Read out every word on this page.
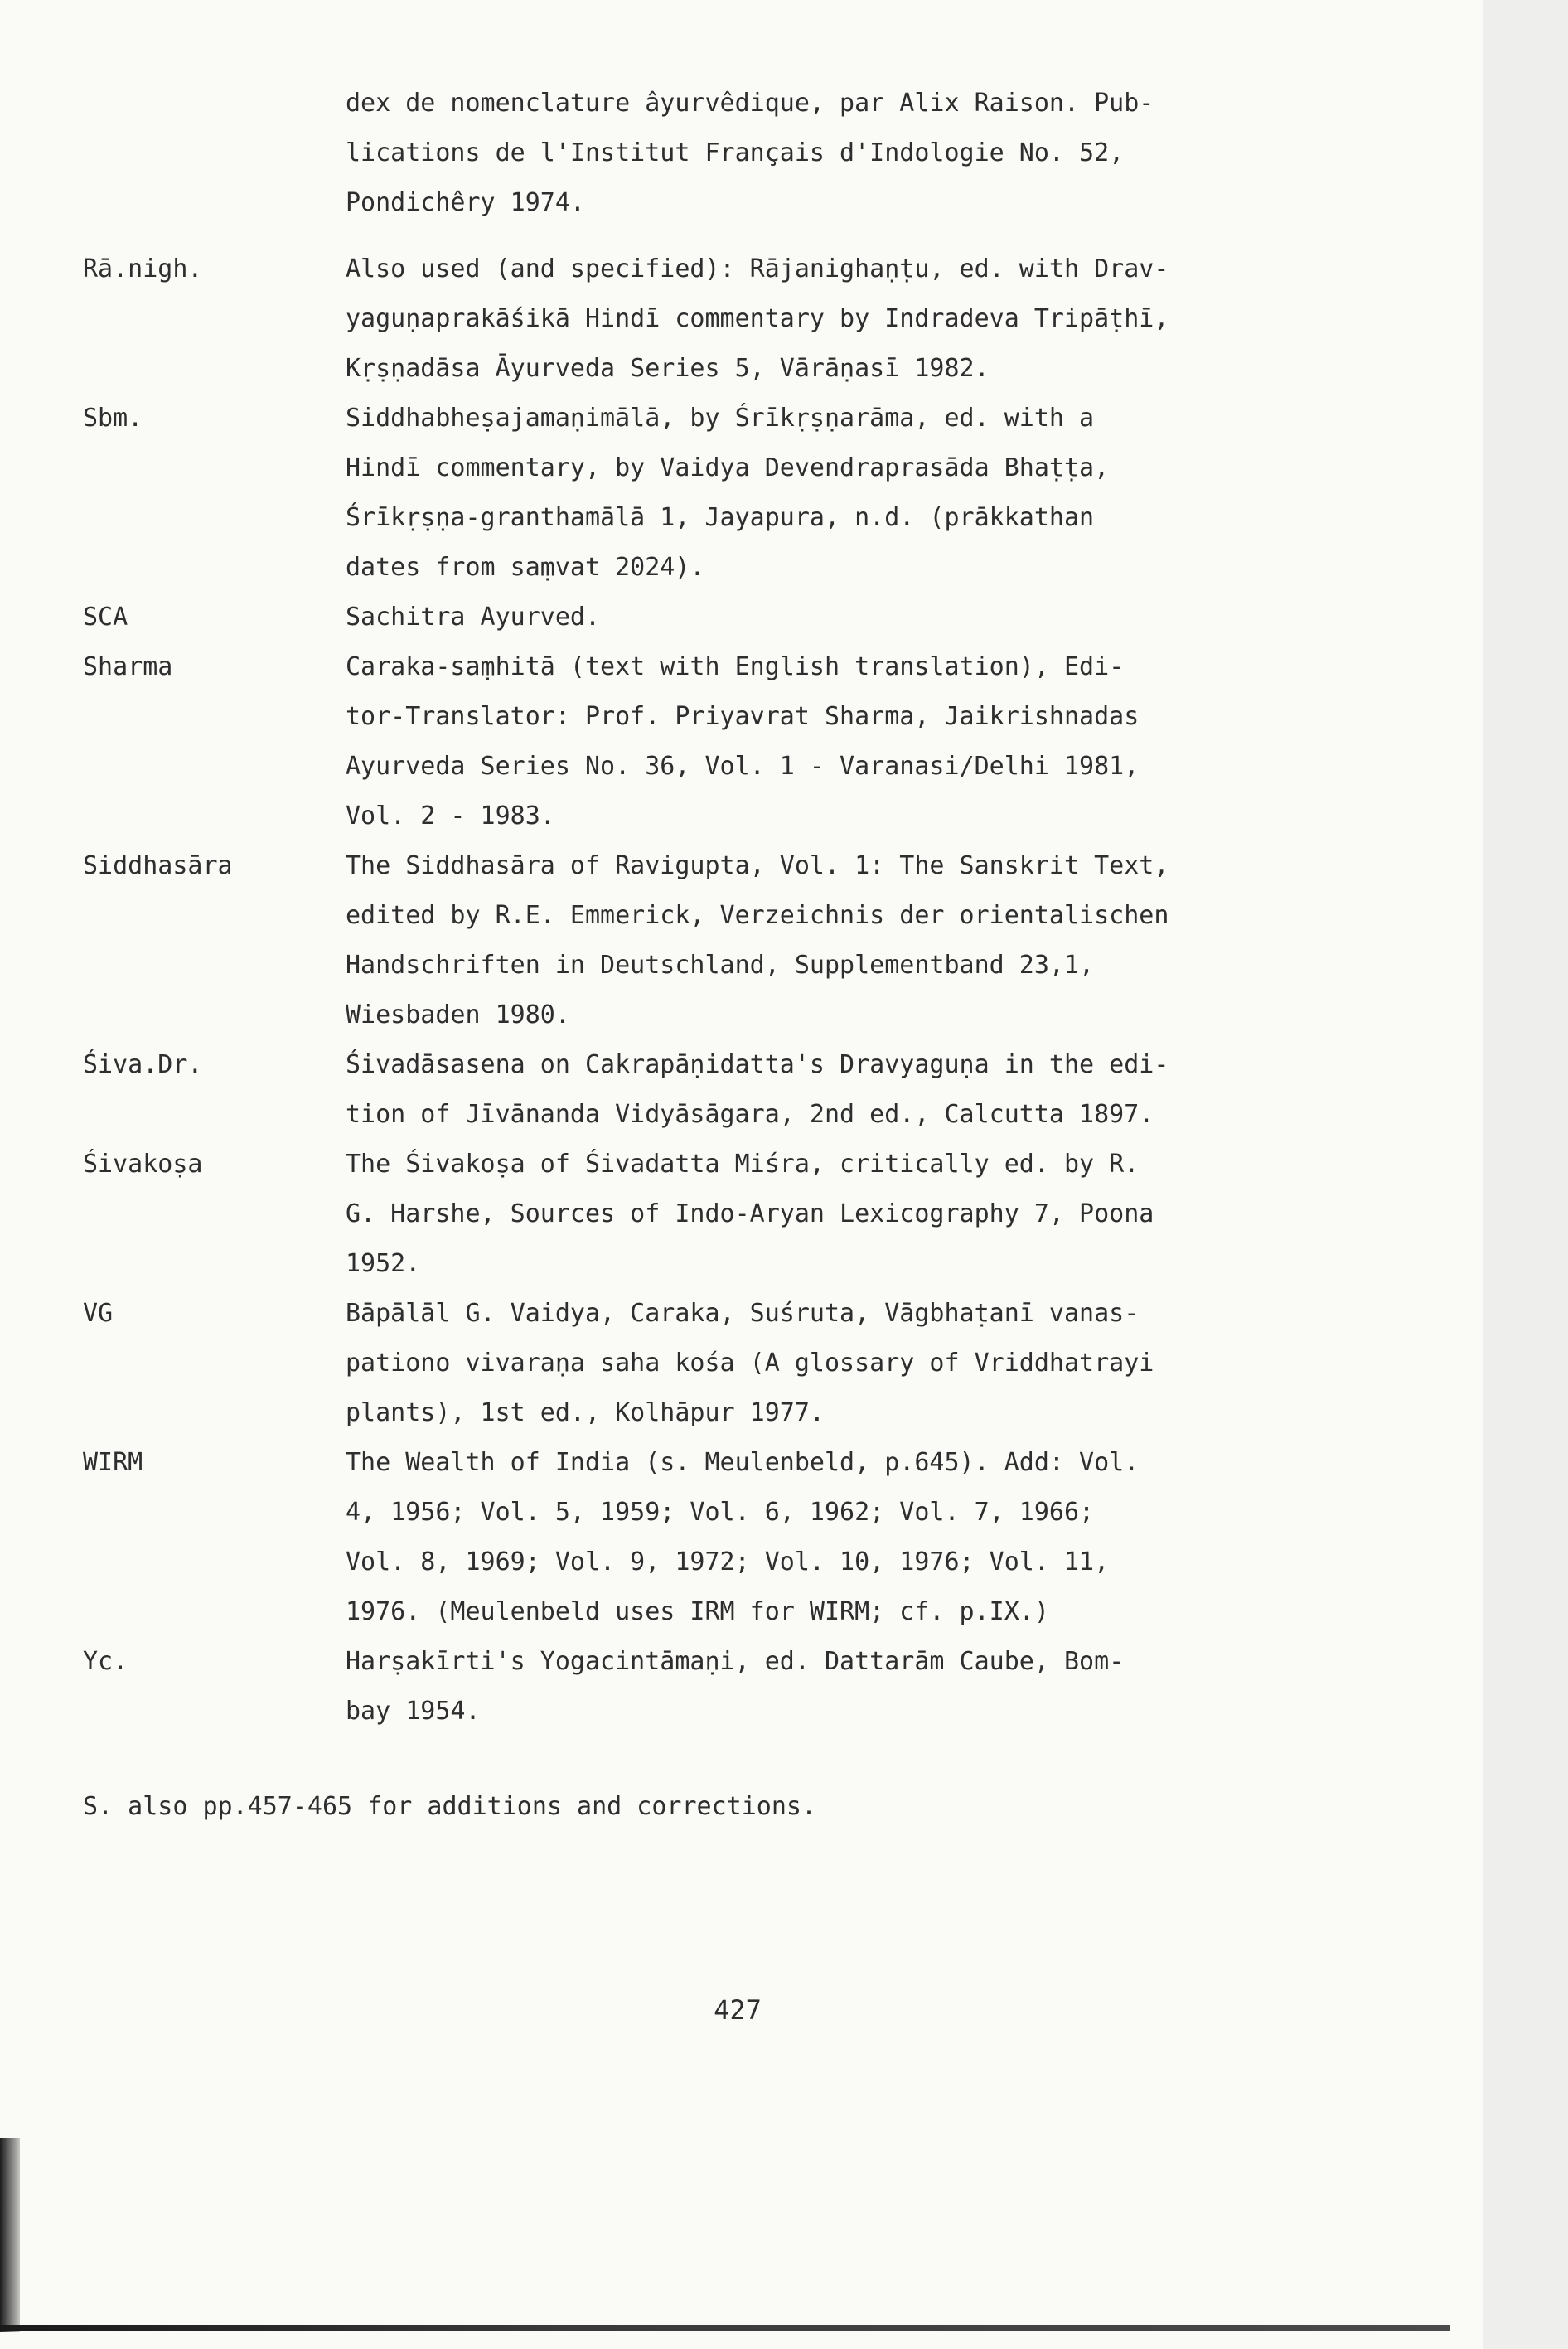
dex de nomenclature âyurvêdique, par Alix Raison. Pub-
lications de l'Institut Français d'Indologie No. 52,
Pondichêry 1974.
Rā.nigh.	Also used (and specified): Rājanighaṇṭu, ed. with Drav-
yaguṇaprakāśikā Hindī commentary by Indradeva Tripāṭhī,
Kṛṣṇadāsa Āyurveda Series 5, Vārāṇasī 1982.
Sbm.	Siddhabheṣajamaṇimālā, by Śrīkṛṣṇarāma, ed. with a
Hindī commentary, by Vaidya Devendraprasāda Bhaṭṭa,
Śrīkṛṣṇa-granthamālā 1, Jayapura, n.d. (prākkathan
dates from saṃvat 2024).
SCA	Sachitra Ayurved.
Sharma	Caraka-saṃhitā (text with English translation), Edi-
tor-Translator: Prof. Priyavrat Sharma, Jaikrishnadas
Ayurveda Series No. 36, Vol. 1 - Varanasi/Delhi 1981,
Vol. 2 - 1983.
Siddhasāra	The Siddhasāra of Ravigupta, Vol. 1: The Sanskrit Text,
edited by R.E. Emmerick, Verzeichnis der orientalischen
Handschriften in Deutschland, Supplementband 23,1,
Wiesbaden 1980.
Śiva.Dr.	Śivadāsasena on Cakrapāṇidatta's Dravyaguṇa in the edi-
tion of Jīvānanda Vidyāsāgara, 2nd ed., Calcutta 1897.
Śivakoṣa	The Śivakoṣa of Śivadatta Miśra, critically ed. by R.
G. Harshe, Sources of Indo-Aryan Lexicography 7, Poona
1952.
VG	Bāpālāl G. Vaidya, Caraka, Suśruta, Vāgbhaṭanī vanas-
pationo vivaraṇa saha kośa (A glossary of Vriddhatrayi
plants), 1st ed., Kolhāpur 1977.
WIRM	The Wealth of India (s. Meulenbeld, p.645). Add: Vol.
4, 1956; Vol. 5, 1959; Vol. 6, 1962; Vol. 7, 1966;
Vol. 8, 1969; Vol. 9, 1972; Vol. 10, 1976; Vol. 11,
1976. (Meulenbeld uses IRM for WIRM; cf. p.IX.)
Yc.	Harṣakīrti's Yogacintāmaṇi, ed. Dattarām Caube, Bom-
bay 1954.
S. also pp.457-465 for additions and corrections.
427
